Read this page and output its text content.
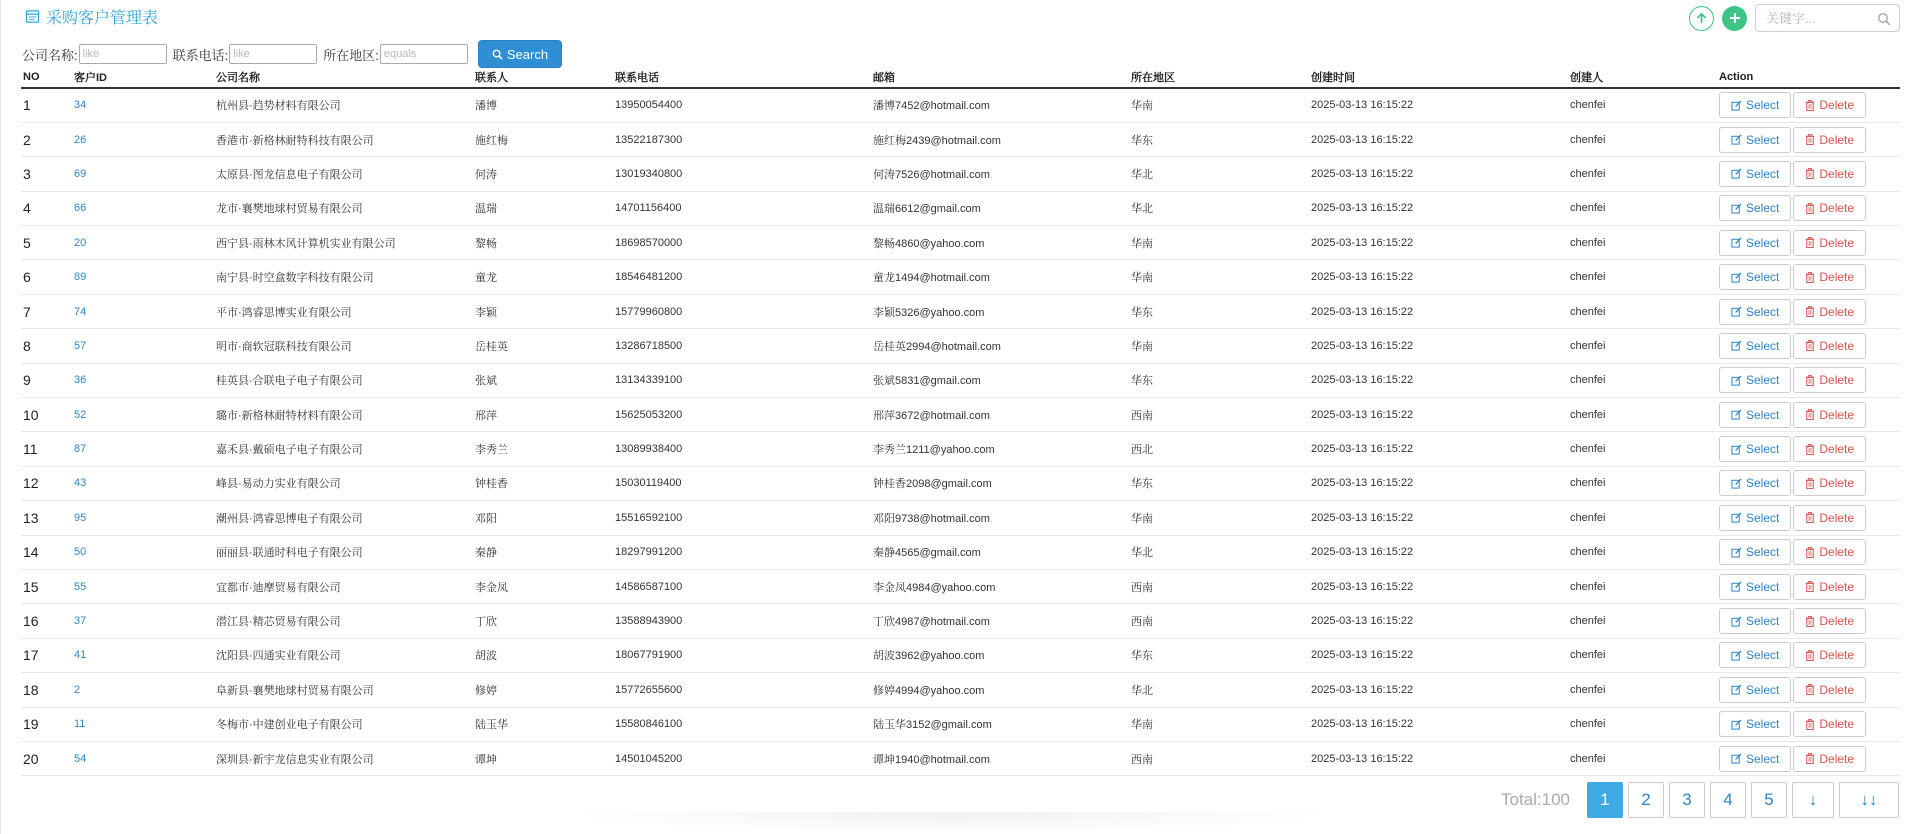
采购客户管理表
关键字...
公司名称:
like	联系电话:
like	所在地区:
equals	Search
NO	客户ID	公司名称	联系人	联系电话	邮箱	所在地区	创建时间	创建人	Action
1	34	杭州县·趋势材料有限公司	潘博	13950054400	潘博7452@hotmail.com	华南	2025-03-13 16:15:22	chenfei	Select Delete

2	26	香港市·新格林耐特科技有限公司	施红梅	13522187300	施红梅2439@hotmail.com	华东	2025-03-13 16:15:22	chenfei	Select Delete

3	69	太原县·图龙信息电子有限公司	何涛	13019340800	何涛7526@hotmail.com	华北	2025-03-13 16:15:22	chenfei	Select Delete

4	66	龙市·襄樊地球村贸易有限公司	温瑞	14701156400	温瑞6612@gmail.com	华北	2025-03-13 16:15:22	chenfei	Select Delete

5	20	西宁县·雨林木风计算机实业有限公司	黎畅	18698570000	黎畅4860@yahoo.com	华南	2025-03-13 16:15:22	chenfei	Select Delete

6	89	南宁县·时空盒数字科技有限公司	童龙	18546481200	童龙1494@hotmail.com	华南	2025-03-13 16:15:22	chenfei	Select Delete

7	74	平市·鸿睿思博实业有限公司	李颖	15779960800	李颖5326@yahoo.com	华东	2025-03-13 16:15:22	chenfei	Select Delete

8	57	明市·商软冠联科技有限公司	岳桂英	13286718500	岳桂英2994@hotmail.com	华南	2025-03-13 16:15:22	chenfei	Select Delete

9	36	桂英县·合联电子电子有限公司	张斌	13134339100	张斌5831@gmail.com	华东	2025-03-13 16:15:22	chenfei	Select Delete

10	52	璐市·新格林耐特材料有限公司	邢萍	15625053200	邢萍3672@hotmail.com	西南	2025-03-13 16:15:22	chenfei	Select Delete

11	87	嘉禾县·戴硕电子电子有限公司	李秀兰	13089938400	李秀兰1211@yahoo.com	西北	2025-03-13 16:15:22	chenfei	Select Delete

12	43	峰县·易动力实业有限公司	钟桂香	15030119400	钟桂香2098@gmail.com	华东	2025-03-13 16:15:22	chenfei	Select Delete

13	95	潮州县·鸿睿思博电子有限公司	邓阳	15516592100	邓阳9738@hotmail.com	华南	2025-03-13 16:15:22	chenfei	Select Delete

14	50	丽丽县·联通时科电子有限公司	秦静	18297991200	秦静4565@gmail.com	华北	2025-03-13 16:15:22	chenfei	Select Delete

15	55	宜都市·迪摩贸易有限公司	李金凤	14586587100	李金凤4984@yahoo.com	西南	2025-03-13 16:15:22	chenfei	Select Delete

16	37	潜江县·精芯贸易有限公司	丁欣	13588943900	丁欣4987@hotmail.com	西南	2025-03-13 16:15:22	chenfei	Select Delete

17	41	沈阳县·四通实业有限公司	胡波	18067791900	胡波3962@yahoo.com	华东	2025-03-13 16:15:22	chenfei	Select Delete

18	2	阜新县·襄樊地球村贸易有限公司	修婷	15772655600	修婷4994@yahoo.com	华北	2025-03-13 16:15:22	chenfei	Select Delete

19	11	冬梅市·中建创业电子有限公司	陆玉华	15580846100	陆玉华3152@gmail.com	华南	2025-03-13 16:15:22	chenfei	Select Delete

20	54	深圳县·新宇龙信息实业有限公司	谭坤	14501045200	谭坤1940@hotmail.com	西南	2025-03-13 16:15:22	chenfei	Select Delete
Total:100	1	2	3	4	5	↓	↓↓
